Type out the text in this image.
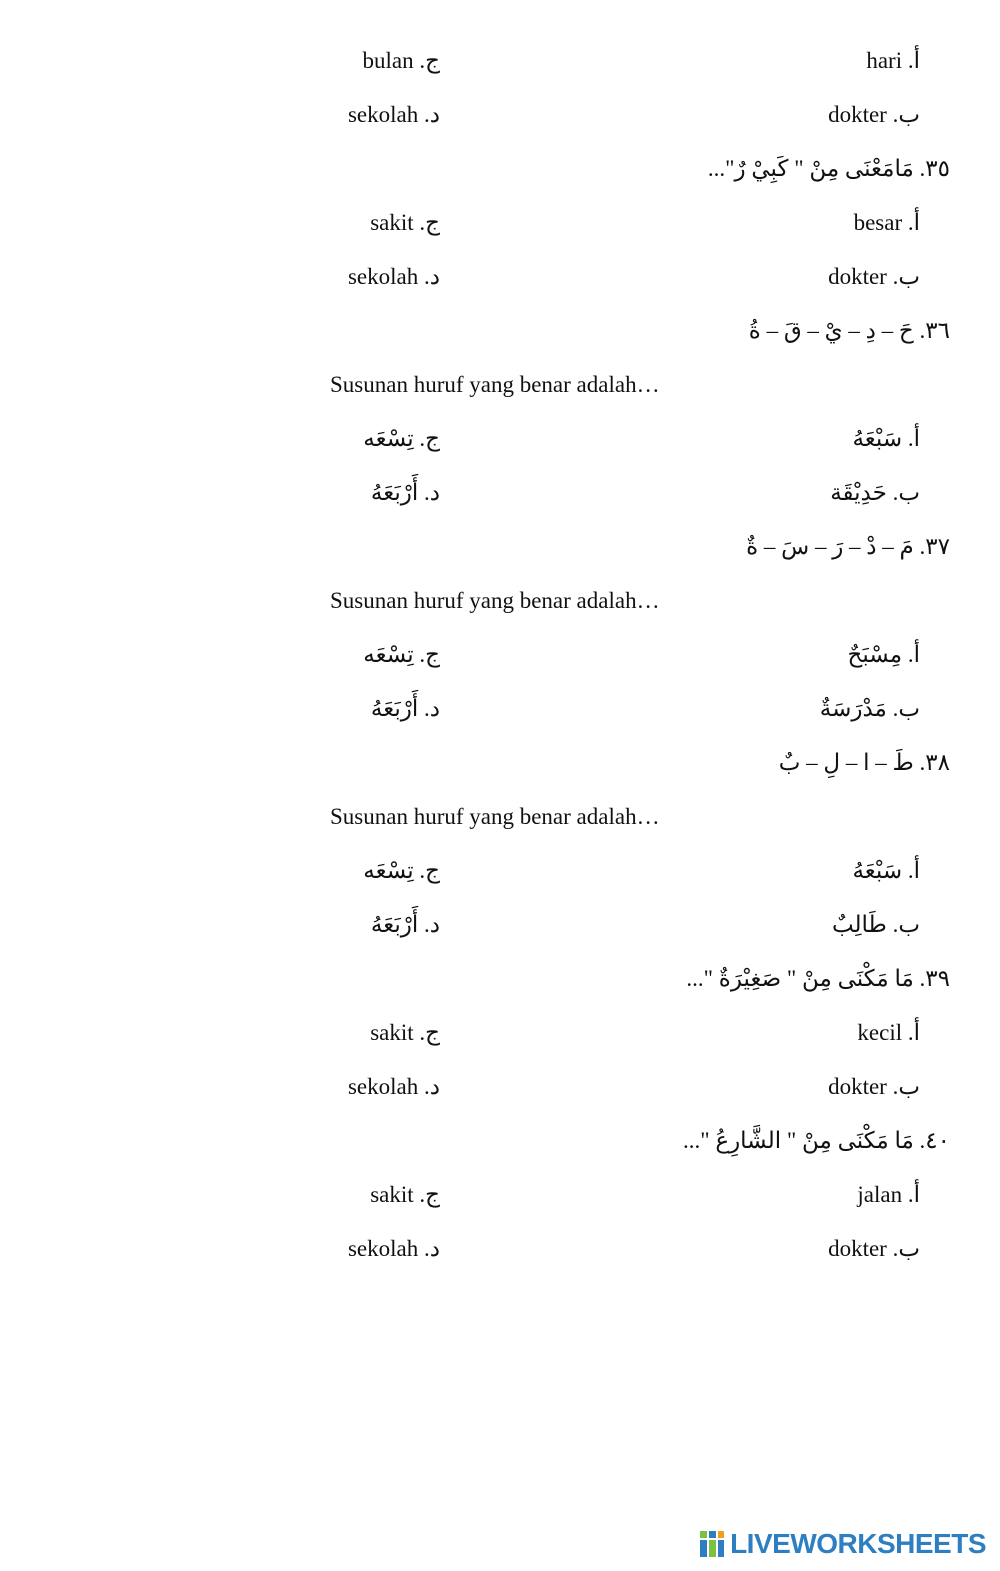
أ. hari
ج. bulan
ب. dokter
د. sekolah
٣٥. مَامَعْنَى مِنْ " كَبِيْ رٌ"...
أ. besar
ج. sakit
ب. dokter
د. sekolah
٣٦. حَ – دِ – يْ – قَ – ةُ
Susunan huruf yang benar adalah…
أ. سَبْعَهُ
ج. تِسْعَه
ب. حَدِيْقَة
د. أَرْبَعَهُ
٣٧. مَ – دْ – رَ – سَ – ةٌ
Susunan huruf yang benar adalah…
أ. مِسْبَحٌ
ج. تِسْعَه
ب. مَدْرَسَةٌ
د. أَرْبَعَهُ
٣٨. طَ – ا – لِ – بٌ
Susunan huruf yang benar adalah…
أ. سَبْعَهُ
ج. تِسْعَه
ب. طَالِبٌ
د. أَرْبَعَهُ
٣٩. مَا مَكْنَى مِنْ " صَغِيْرَةٌ "...
أ. kecil
ج. sakit
ب. dokter
د. sekolah
٤٠. مَا مَكْنَى مِنْ " الشَّارِعُ "...
أ. jalan
ج. sakit
ب. dokter
د. sekolah
LIVEWORKSHEETS
